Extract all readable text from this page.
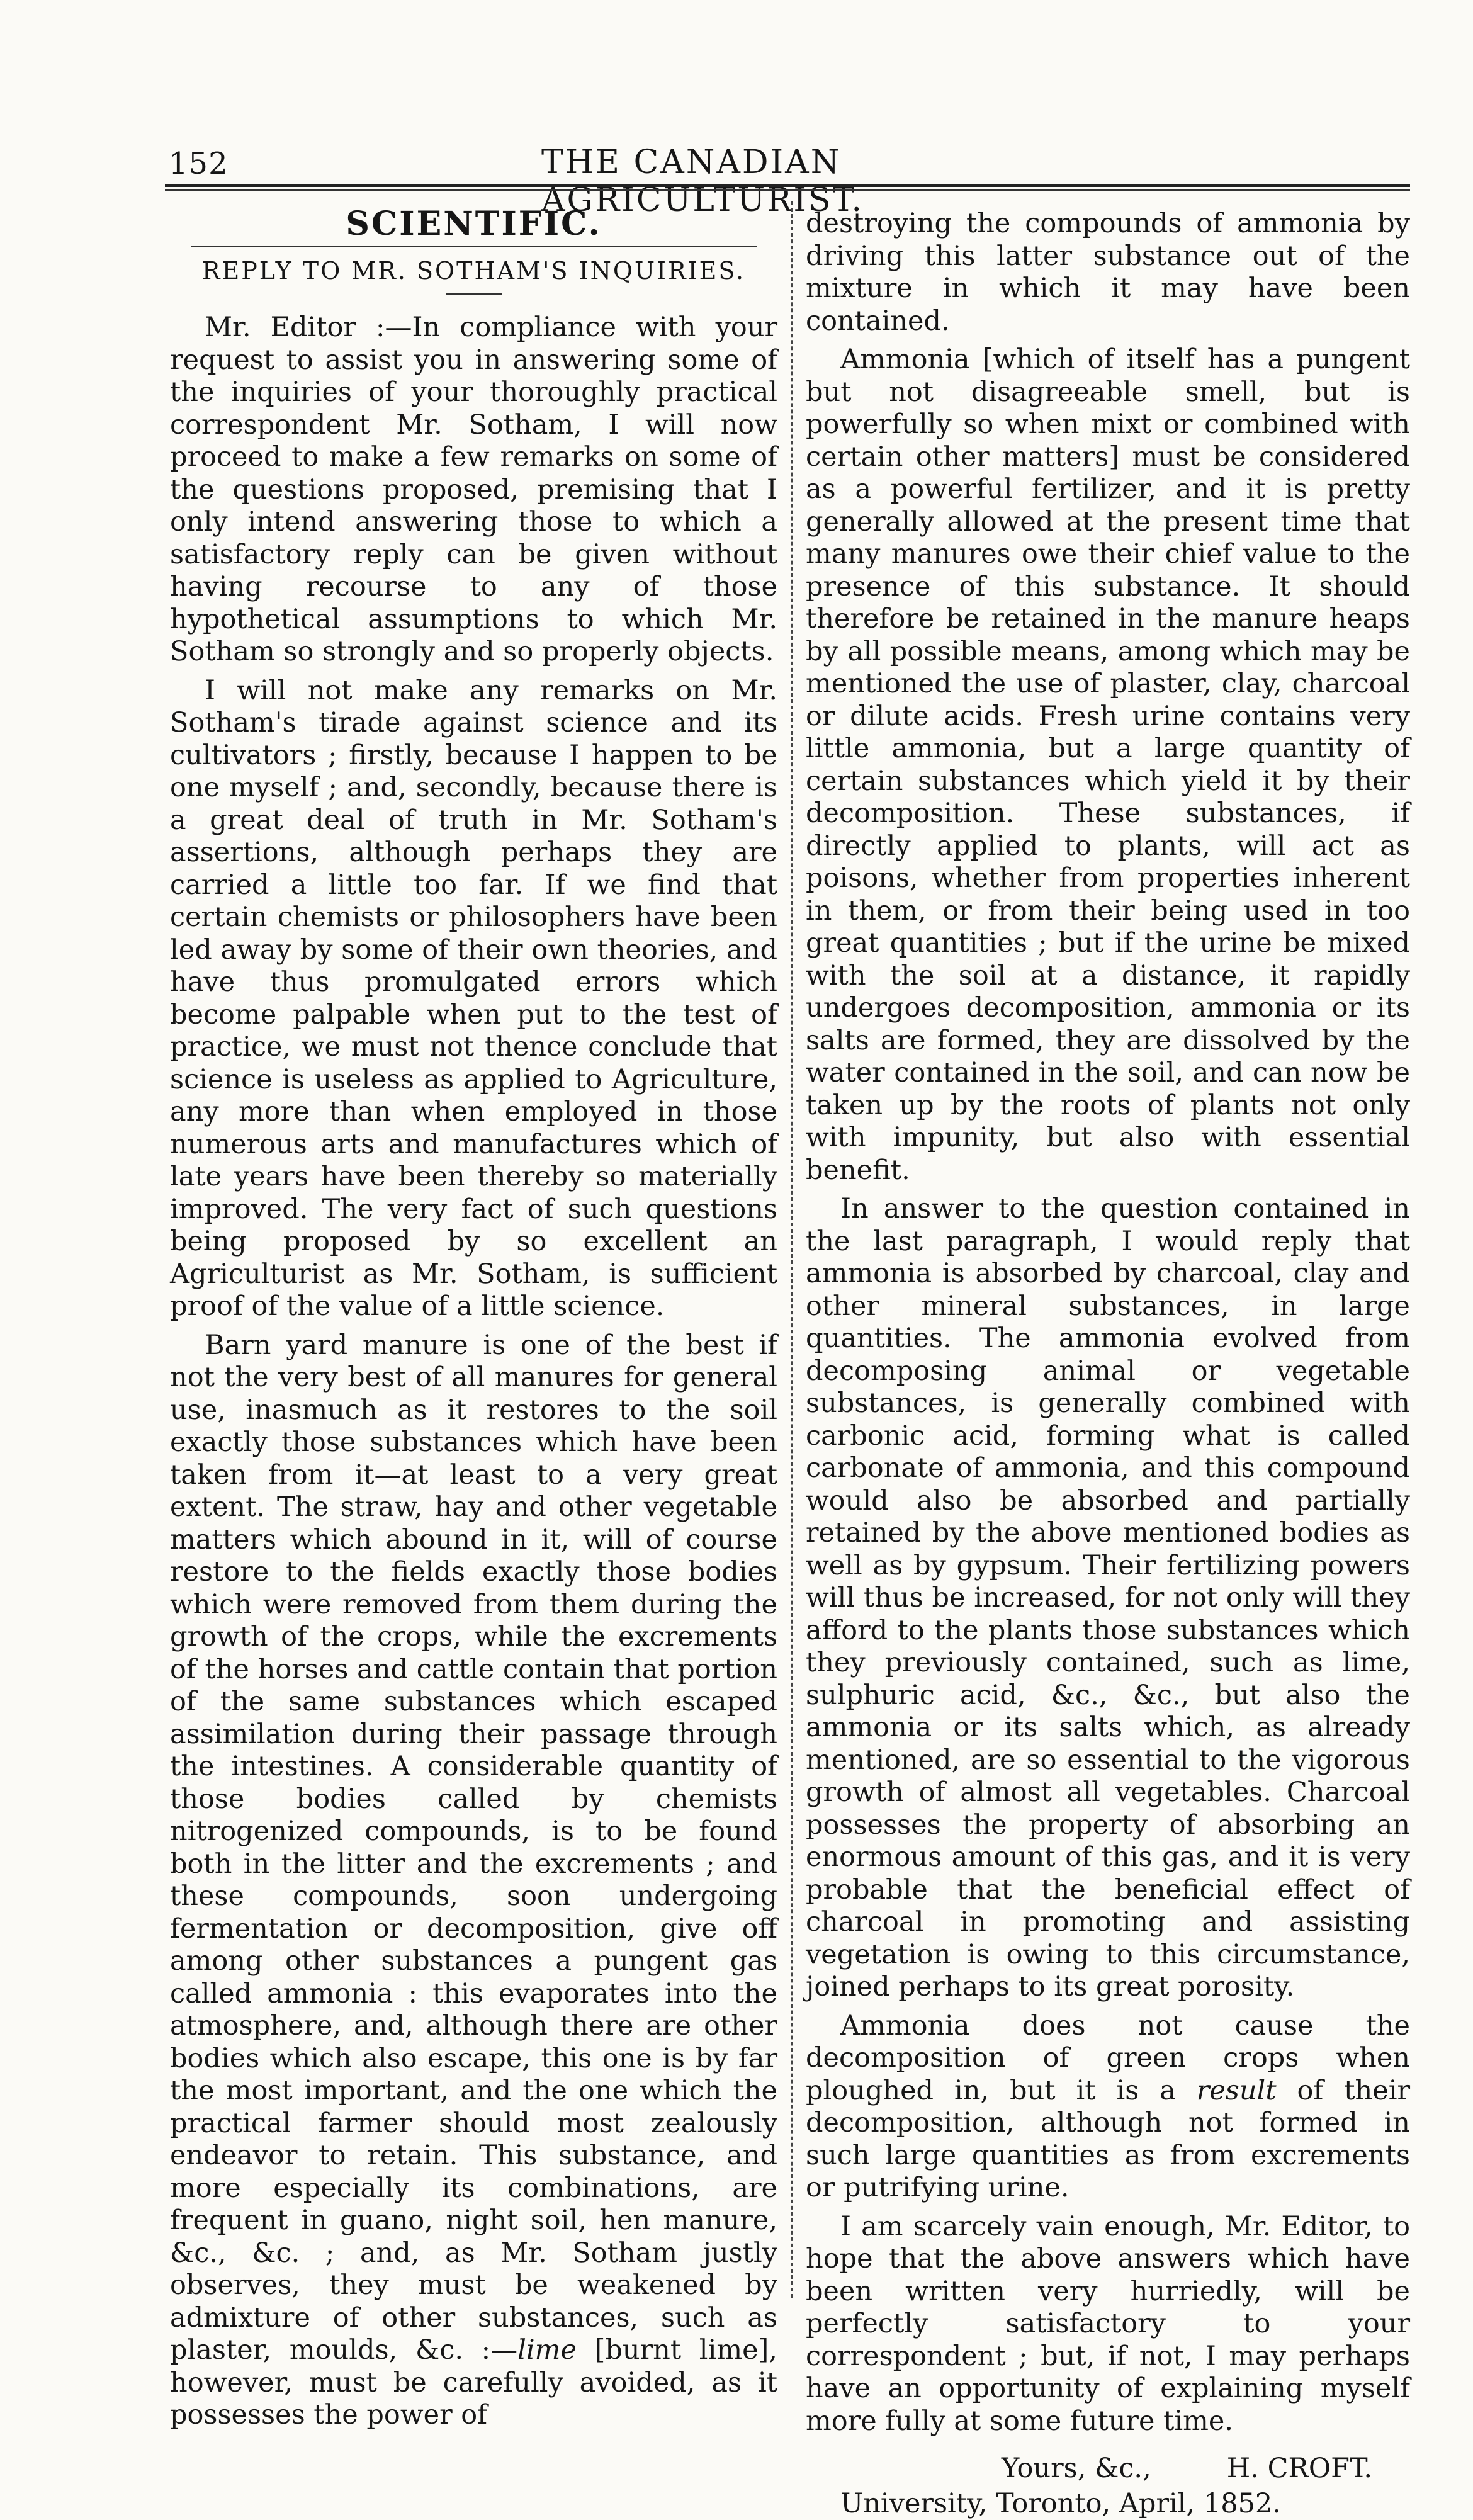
152	THE CANADIAN AGRICULTURIST.
SCIENTIFIC.
REPLY TO MR. SOTHAM'S INQUIRIES.

Mr. Editor :—In compliance with your request to assist you in answering some of the inquiries of your thoroughly practical correspondent Mr. Sotham, I will now proceed to make a few remarks on some of the questions proposed, premising that I only intend answering those to which a satisfactory reply can be given without having recourse to any of those hypothetical assumptions to which Mr. Sotham so strongly and so properly objects.

I will not make any remarks on Mr. Sotham's tirade against science and its cultivators ; firstly, because I happen to be one myself ; and, secondly, because there is a great deal of truth in Mr. Sotham's assertions, although perhaps they are carried a little too far. If we find that certain chemists or philosophers have been led away by some of their own theories, and have thus promulgated errors which become palpable when put to the test of practice, we must not thence conclude that science is useless as applied to Agriculture, any more than when employed in those numerous arts and manufactures which of late years have been thereby so materially improved. The very fact of such questions being proposed by so excellent an Agriculturist as Mr. Sotham, is sufficient proof of the value of a little science.

Barn yard manure is one of the best if not the very best of all manures for general use, inasmuch as it restores to the soil exactly those substances which have been taken from it—at least to a very great extent. The straw, hay and other vegetable matters which abound in it, will of course restore to the fields exactly those bodies which were removed from them during the growth of the crops, while the excrements of the horses and cattle contain that portion of the same substances which escaped assimilation during their passage through the intestines. A considerable quantity of those bodies called by chemists nitrogenized compounds, is to be found both in the litter and the excrements ; and these compounds, soon undergoing fermentation or decomposition, give off among other substances a pungent gas called ammonia : this evaporates into the atmosphere, and, although there are other bodies which also escape, this one is by far the most important, and the one which the practical farmer should most zealously endeavor to retain. This substance, and more especially its combinations, are frequent in guano, night soil, hen manure, &c., &c. ; and, as Mr. Sotham justly observes, they must be weakened by admixture of other substances, such as plaster, moulds, &c. :—lime [burnt lime], however, must be carefully avoided, as it possesses the power of

destroying the compounds of ammonia by driving this latter substance out of the mixture in which it may have been contained.

Ammonia [which of itself has a pungent but not disagreeable smell, but is powerfully so when mixt or combined with certain other matters] must be considered as a powerful fertilizer, and it is pretty generally allowed at the present time that many manures owe their chief value to the presence of this substance. It should therefore be retained in the manure heaps by all possible means, among which may be mentioned the use of plaster, clay, charcoal or dilute acids. Fresh urine contains very little ammonia, but a large quantity of certain substances which yield it by their decomposition. These substances, if directly applied to plants, will act as poisons, whether from properties inherent in them, or from their being used in too great quantities ; but if the urine be mixed with the soil at a distance, it rapidly undergoes decomposition, ammonia or its salts are formed, they are dissolved by the water contained in the soil, and can now be taken up by the roots of plants not only with impunity, but also with essential benefit.

In answer to the question contained in the last paragraph, I would reply that ammonia is absorbed by charcoal, clay and other mineral substances, in large quantities. The ammonia evolved from decomposing animal or vegetable substances, is generally combined with carbonic acid, forming what is called carbonate of ammonia, and this compound would also be absorbed and partially retained by the above mentioned bodies as well as by gypsum. Their fertilizing powers will thus be increased, for not only will they afford to the plants those substances which they previously contained, such as lime, sulphuric acid, &c., &c., but also the ammonia or its salts which, as already mentioned, are so essential to the vigorous growth of almost all vegetables. Charcoal possesses the property of absorbing an enormous amount of this gas, and it is very probable that the beneficial effect of charcoal in promoting and assisting vegetation is owing to this circumstance, joined perhaps to its great porosity.

Ammonia does not cause the decomposition of green crops when ploughed in, but it is a result of their decomposition, although not formed in such large quantities as from excrements or putrifying urine.

I am scarcely vain enough, Mr. Editor, to hope that the above answers which have been written very hurriedly, will be perfectly satisfactory to your correspondent ; but, if not, I may perhaps have an opportunity of explaining myself more fully at some future time.

Yours, &c.,	H. CROFT.
University, Toronto, April, 1852.
